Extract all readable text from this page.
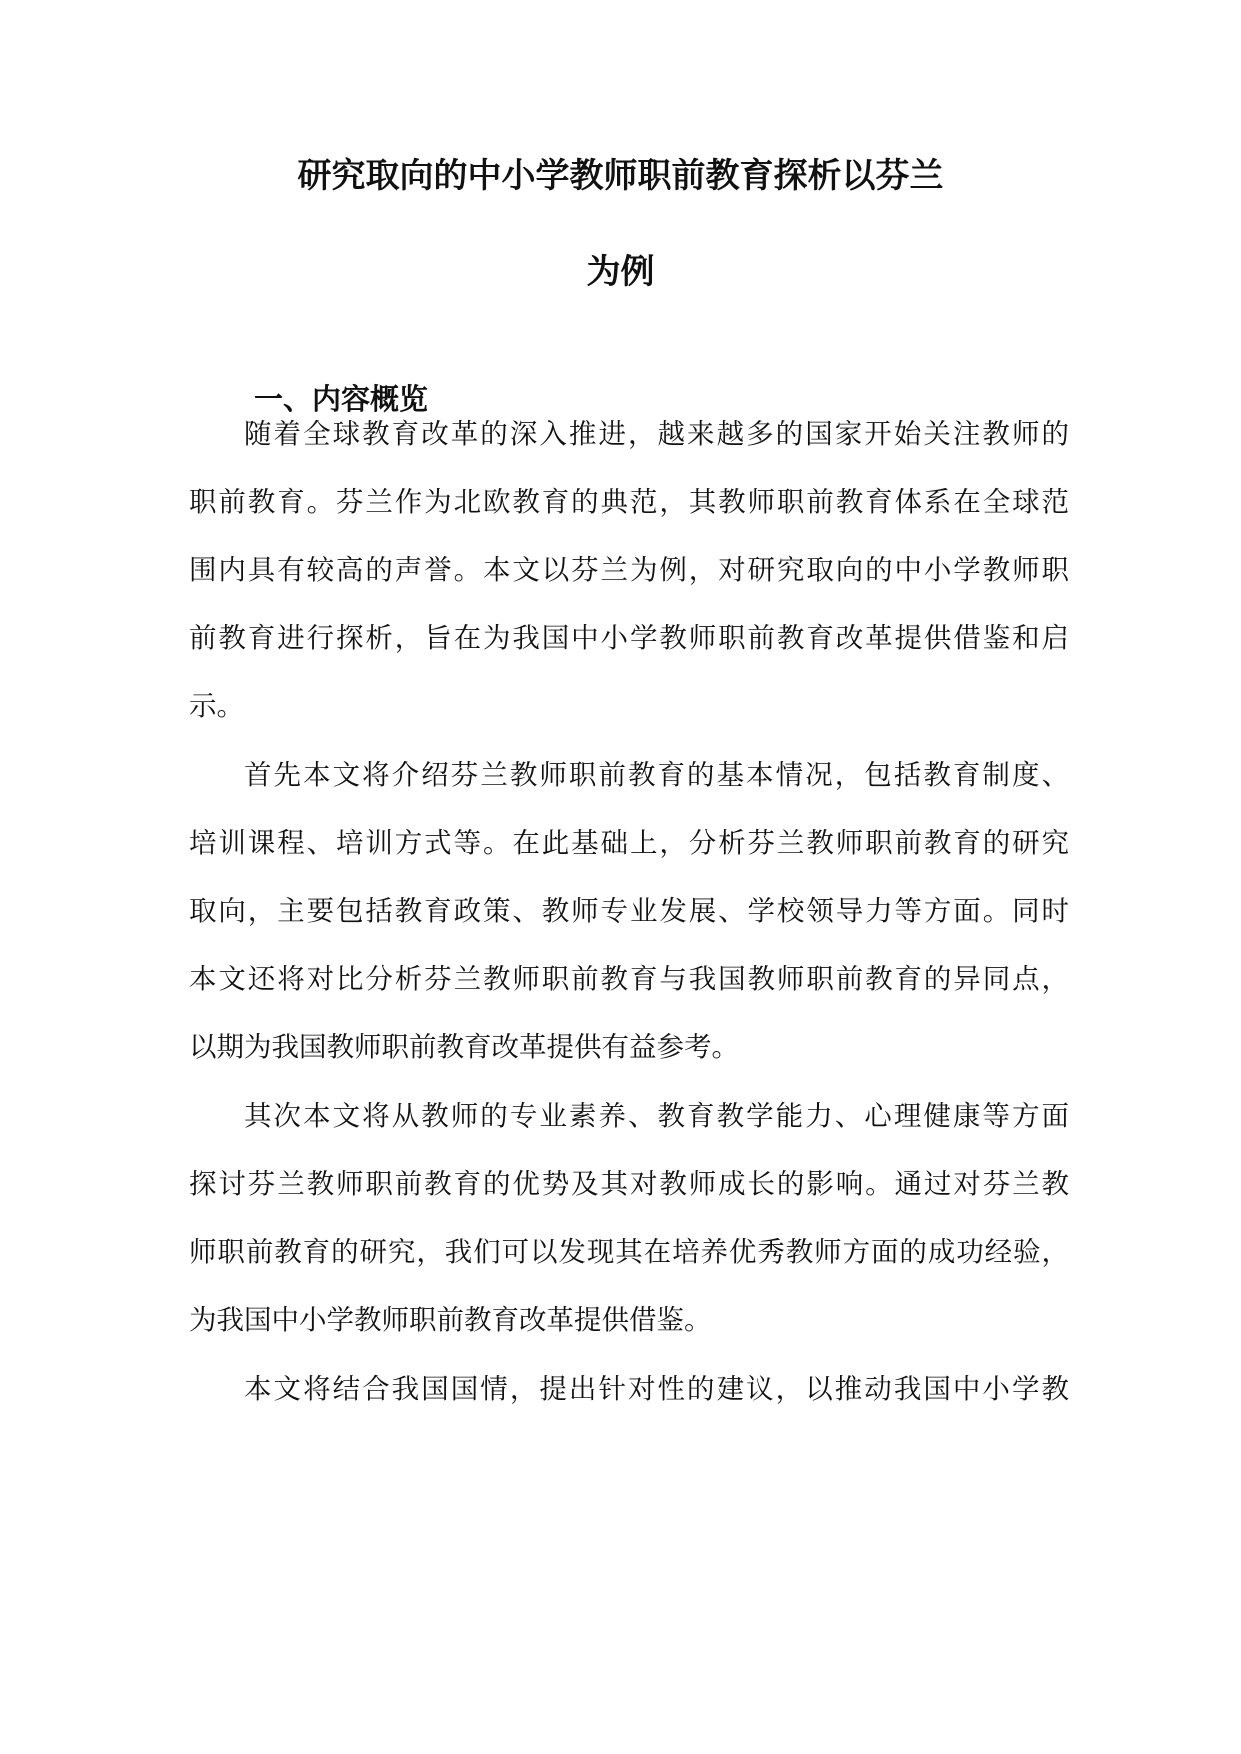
研究取向的中小学教师职前教育探析以芬兰
为例
一、内容概览

随着全球教育改革的深入推进，越来越多的国家开始关注教师的

职前教育。芬兰作为北欧教育的典范，其教师职前教育体系在全球范

围内具有较高的声誉。本文以芬兰为例，对研究取向的中小学教师职

前教育进行探析，旨在为我国中小学教师职前教育改革提供借鉴和启

示。

首先本文将介绍芬兰教师职前教育的基本情况，包括教育制度、

培训课程、培训方式等。在此基础上，分析芬兰教师职前教育的研究

取向，主要包括教育政策、教师专业发展、学校领导力等方面。同时

本文还将对比分析芬兰教师职前教育与我国教师职前教育的异同点，

以期为我国教师职前教育改革提供有益参考。

其次本文将从教师的专业素养、教育教学能力、心理健康等方面

探讨芬兰教师职前教育的优势及其对教师成长的影响。通过对芬兰教

师职前教育的研究，我们可以发现其在培养优秀教师方面的成功经验，

为我国中小学教师职前教育改革提供借鉴。

本文将结合我国国情，提出针对性的建议，以推动我国中小学教
